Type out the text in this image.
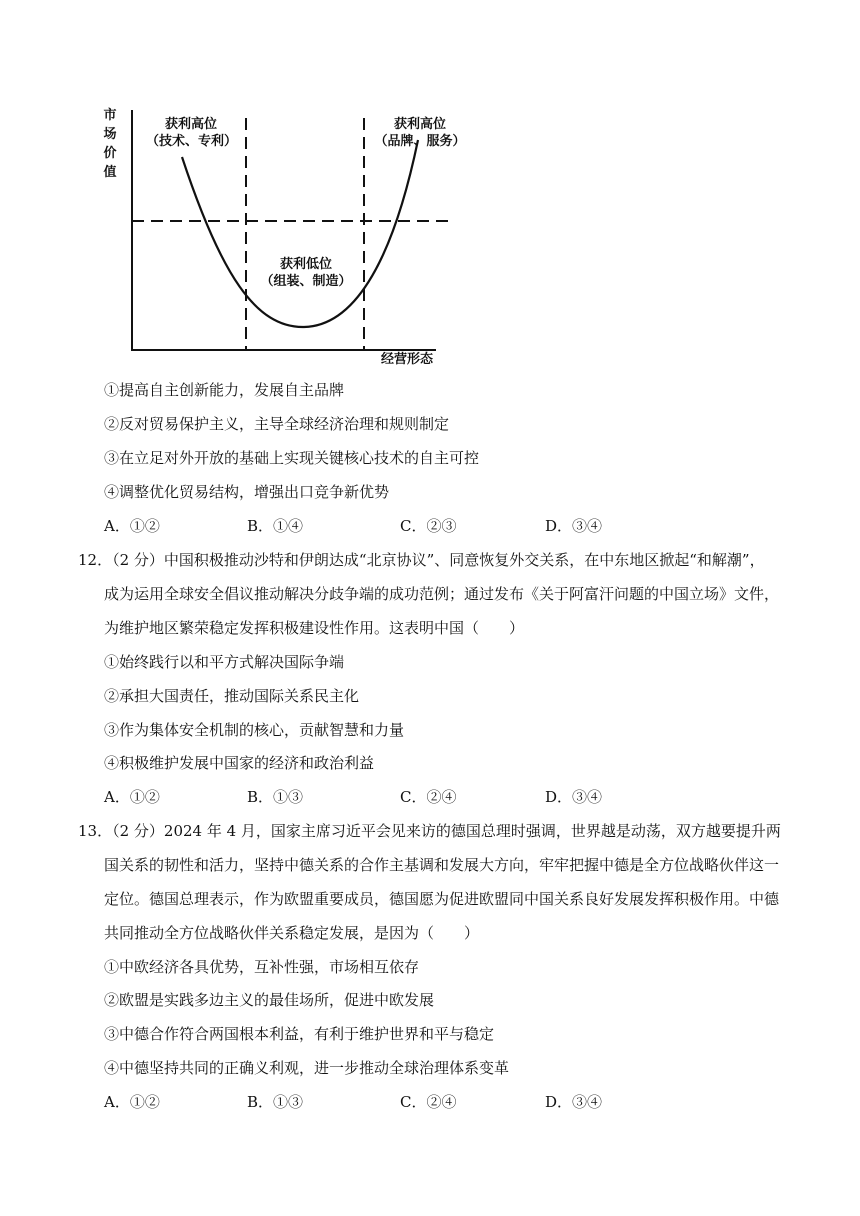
市场价值
获利高位
（技术、专利）
获利高位
（品牌、服务）
获利低位
（组装、制造）
经营形态
①提高自主创新能力，发展自主品牌
②反对贸易保护主义，主导全球经济治理和规则制定
③在立足对外开放的基础上实现关键核心技术的自主可控
④调整优化贸易结构，增强出口竞争新优势
A．①②	B．①④	C．②③	D．③④
12．（2 分）中国积极推动沙特和伊朗达成“北京协议”、同意恢复外交关系，在中东地区掀起“和解潮”，
成为运用全球安全倡议推动解决分歧争端的成功范例；通过发布《关于阿富汗问题的中国立场》文件，
为维护地区繁荣稳定发挥积极建设性作用。这表明中国（　　）
①始终践行以和平方式解决国际争端
②承担大国责任，推动国际关系民主化
③作为集体安全机制的核心，贡献智慧和力量
④积极维护发展中国家的经济和政治利益
A．①②	B．①③	C．②④	D．③④
13．（2 分）2024 年 4 月，国家主席习近平会见来访的德国总理时强调，世界越是动荡，双方越要提升两
国关系的韧性和活力，坚持中德关系的合作主基调和发展大方向，牢牢把握中德是全方位战略伙伴这一
定位。德国总理表示，作为欧盟重要成员，德国愿为促进欧盟同中国关系良好发展发挥积极作用。中德
共同推动全方位战略伙伴关系稳定发展，是因为（　　）
①中欧经济各具优势，互补性强，市场相互依存
②欧盟是实践多边主义的最佳场所，促进中欧发展
③中德合作符合两国根本利益，有利于维护世界和平与稳定
④中德坚持共同的正确义利观，进一步推动全球治理体系变革
A．①②	B．①③	C．②④	D．③④
